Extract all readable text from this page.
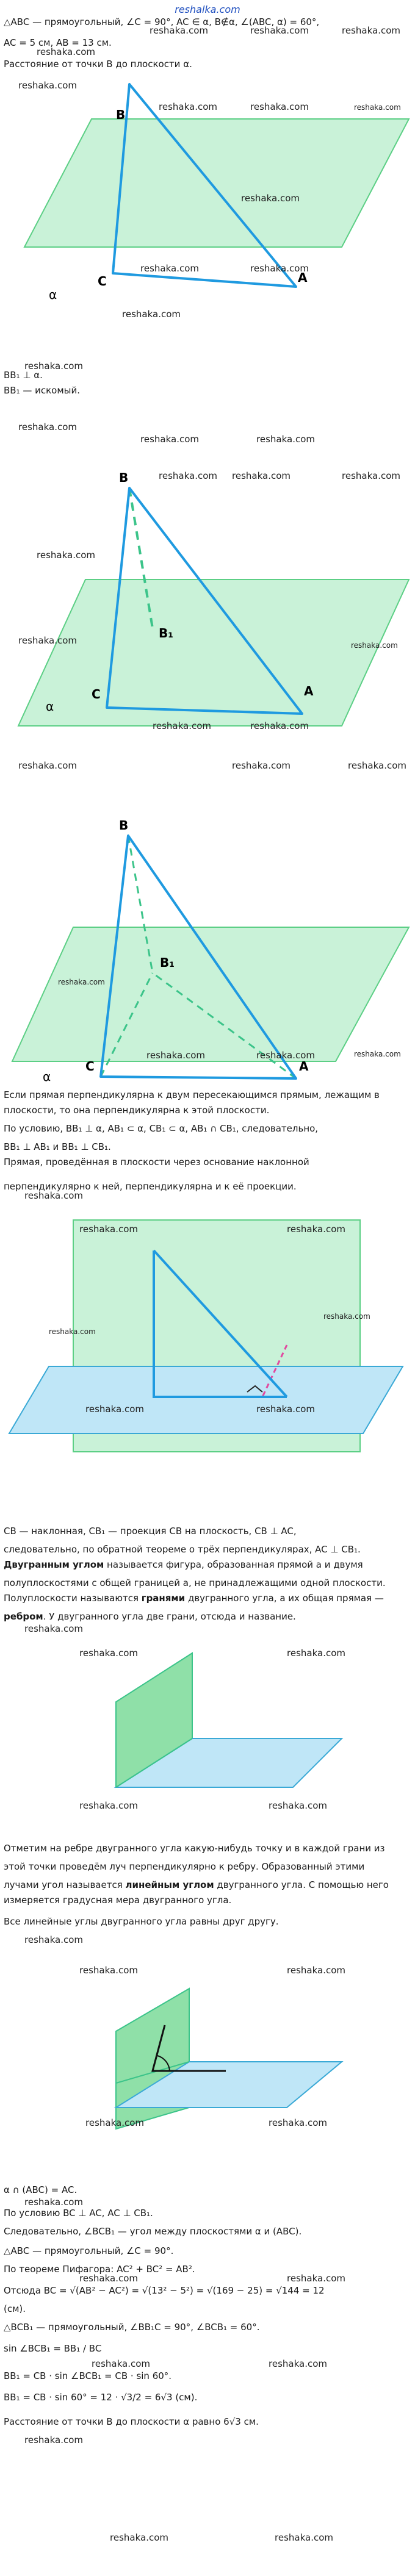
reshalka.com
△ABC — прямоугольный, ∠C = 90°, AC ∈ α, B∉α, ∠(ABC, α) = 60°,
AC = 5 см, AB = 13 см.
Расстояние от точки B до плоскости α.
B
C	A
α
BB₁ ⊥ α.
BB₁ — искомый.
B
B₁
C	A
α
B
B₁
C	A
α
Если прямая перпендикулярна к двум пересекающимся прямым, лежащим в
плоскости, то она перпендикулярна к этой плоскости.
По условию, BB₁ ⊥ α, AB₁ ⊂ α, CB₁ ⊂ α, AB₁ ∩ CB₁, следовательно,
BB₁ ⊥ AB₁ и BB₁ ⊥ CB₁.
Прямая, проведённая в плоскости через основание наклонной
перпендикулярно к ней, перпендикулярна и к её проекции.
CB — наклонная, CB₁ — проекция CB на плоскость, CB ⊥ AC,
следовательно, по обратной теореме о трёх перпендикулярах, AC ⊥ CB₁.
Двугранным углом называется фигура, образованная прямой a и двумя
полуплоскостями с общей границей a, не принадлежащими одной плоскости.
Полуплоскости называются гранями двугранного угла, а их общая прямая —
ребром. У двугранного угла две грани, отсюда и название.
Отметим на ребре двугранного угла какую-нибудь точку и в каждой грани из
этой точки проведём луч перпендикулярно к ребру. Образованный этими
лучами угол называется линейным углом двугранного угла. С помощью него
измеряется градусная мера двугранного угла.
Все линейные углы двугранного угла равны друг другу.
α ∩ (ABC) = AC.
По условию BC ⊥ AC, AC ⊥ CB₁.
Следовательно, ∠BCB₁ — угол между плоскостями α и (ABC).
△ABC — прямоугольный, ∠C = 90°.
По теореме Пифагора: AC² + BC² = AB².
Отсюда BC = √(AB² − AC²) = √(13² − 5²) = √(169 − 25) = √144 = 12
(см).
△BCB₁ — прямоугольный, ∠BB₁C = 90°, ∠BCB₁ = 60°.
sin ∠BCB₁ = BB₁ / BC
BB₁ = CB · sin ∠BCB₁ = CB · sin 60°.
BB₁ = CB · sin 60° = 12 · √3/2 = 6√3 (см).
Расстояние от точки B до плоскости α равно 6√3 см.
reshaka.com	reshaka.com	reshaka.com
reshaka.com
reshaka.com
reshaka.com	reshaka.com	reshaka.com
reshaka.com
reshaka.com	reshaka.com
reshaka.com
reshaka.com
reshaka.com
reshaka.com	reshaka.com
reshaka.com reshaka.com	reshaka.com
reshaka.com
reshaka.com	reshaka.com
reshaka.com	reshaka.com
reshaka.com	reshaka.com	reshaka.com
reshaka.com
reshaka.com	reshaka.com	reshaka.com
reshaka.com
reshaka.com	reshaka.com
reshaka.com
reshaka.com
reshaka.com	reshaka.com
reshaka.com
reshaka.com	reshaka.com
reshaka.com	reshaka.com
reshaka.com
reshaka.com	reshaka.com
reshaka.com	reshaka.com
reshaka.com
reshaka.com	reshaka.com
reshaka.com	reshaka.com
reshaka.com
reshaka.com	reshaka.com
